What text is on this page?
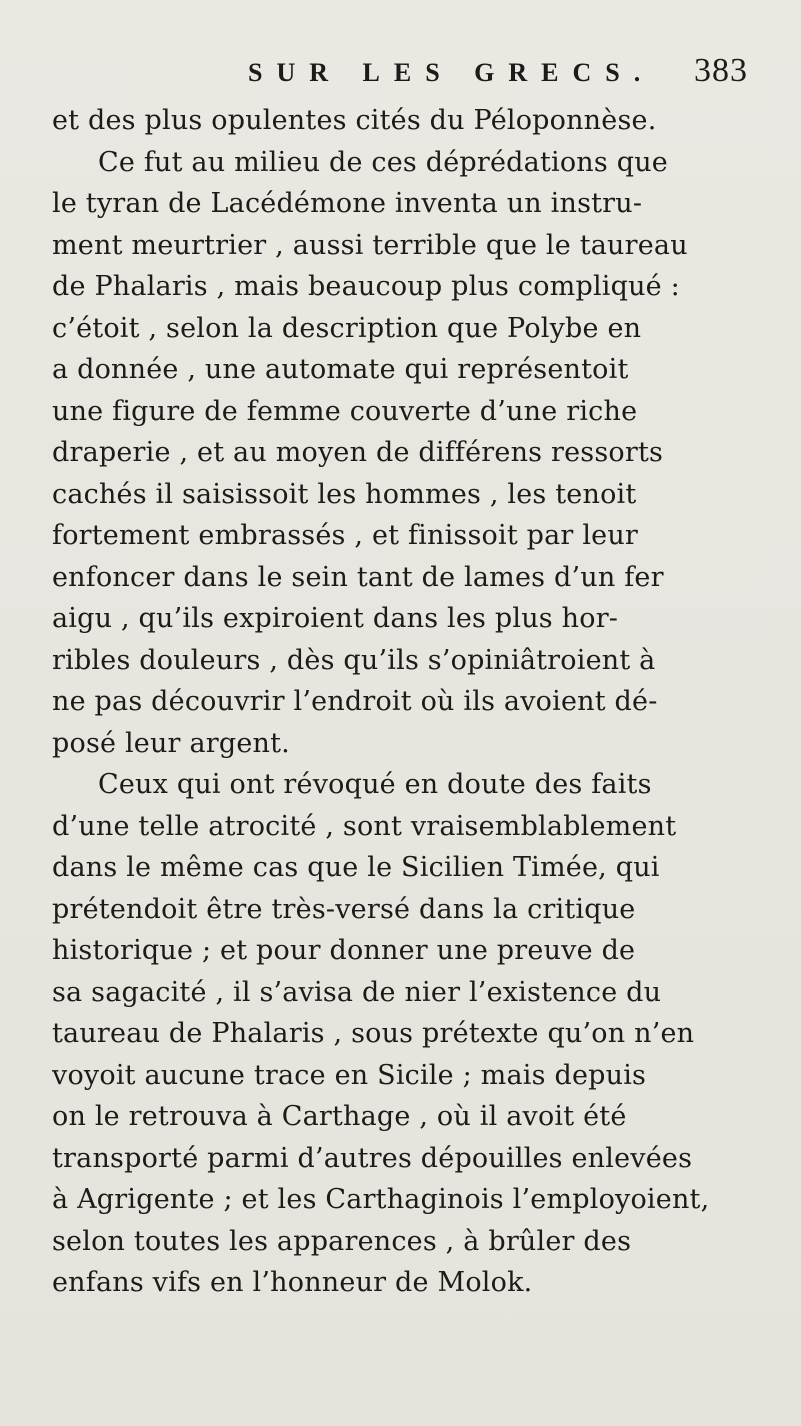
SUR LES GRECS. 383
et des plus opulentes cités du Péloponnèse.
Ce fut au milieu de ces déprédations que
le tyran de Lacédémone inventa un instru-
ment meurtrier , aussi terrible que le taureau
de Phalaris , mais beaucoup plus compliqué :
c’étoit , selon la description que Polybe en
a donnée , une automate qui représentoit
une figure de femme couverte d’une riche
draperie , et au moyen de différens ressorts
cachés il saisissoit les hommes , les tenoit
fortement embrassés , et finissoit par leur
enfoncer dans le sein tant de lames d’un fer
aigu , qu’ils expiroient dans les plus hor-
ribles douleurs , dès qu’ils s’opiniâtroient à
ne pas découvrir l’endroit où ils avoient dé-
posé leur argent.
Ceux qui ont révoqué en doute des faits
d’une telle atrocité , sont vraisemblablement
dans le même cas que le Sicilien Timée, qui
prétendoit être très-versé dans la critique
historique ; et pour donner une preuve de
sa sagacité , il s’avisa de nier l’existence du
taureau de Phalaris , sous prétexte qu’on n’en
voyoit aucune trace en Sicile ; mais depuis
on le retrouva à Carthage , où il avoit été
transporté parmi d’autres dépouilles enlevées
à Agrigente ; et les Carthaginois l’employoient,
selon toutes les apparences , à brûler des
enfans vifs en l’honneur de Molok.
